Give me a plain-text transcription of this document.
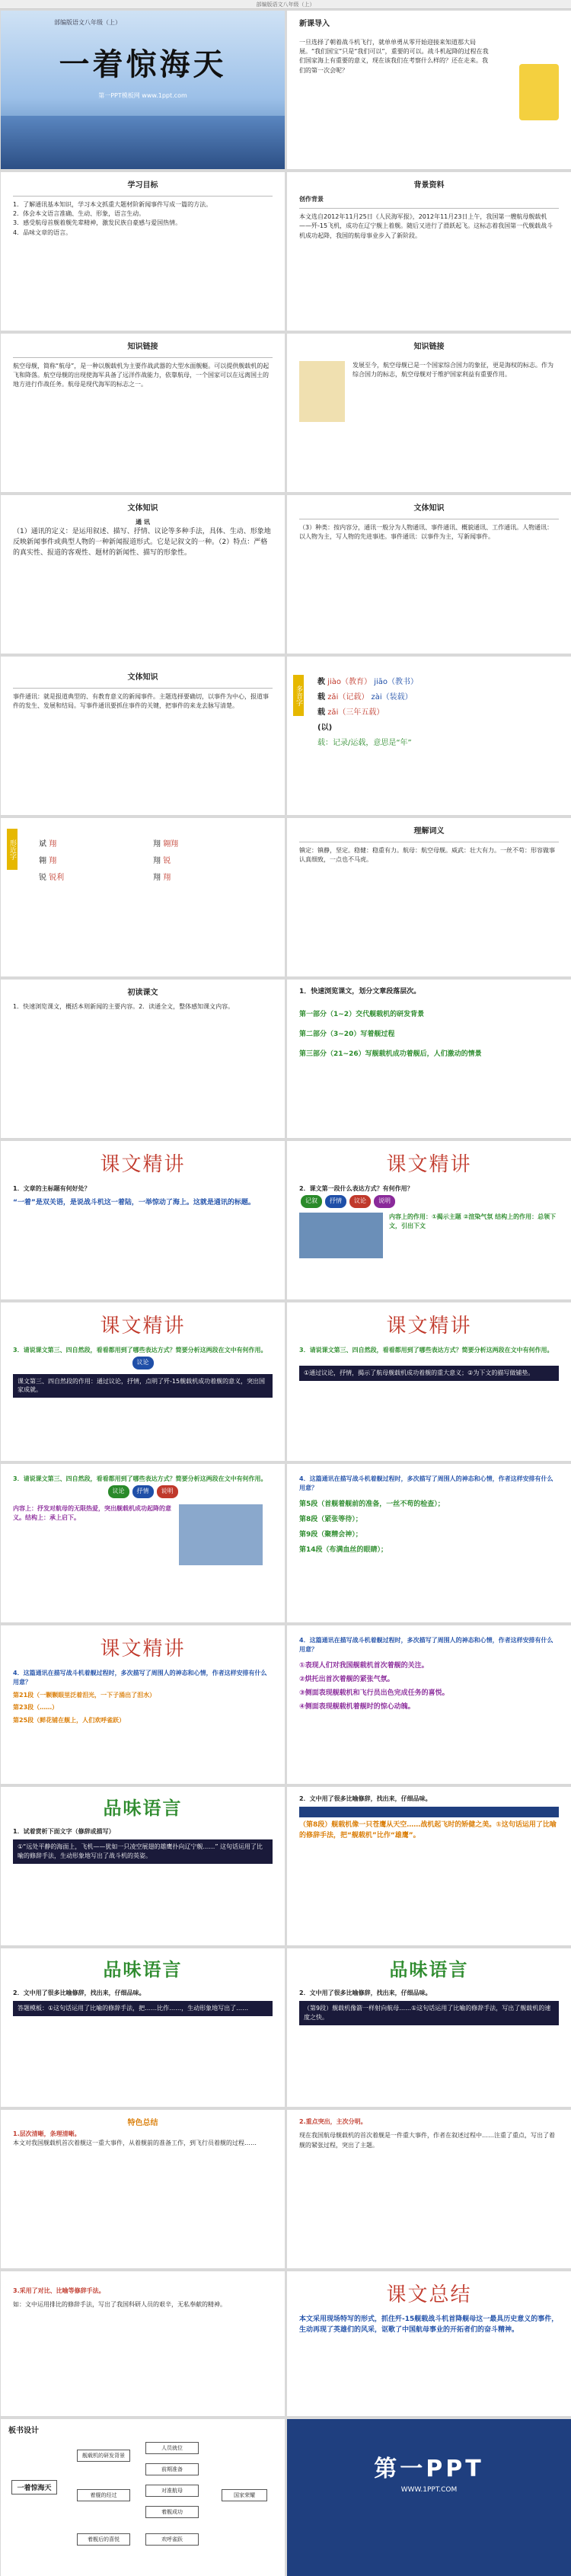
部编版语文八年级（上）
部编版语文八年级（上）
一着惊海天
第一PPT模板网 www.1ppt.com
新课导入
一旦选择了朝着战斗机飞行，就单单勇从零开始迎接来知道那大局展。“我们国宝”只是“我们可以”，重要的可以。战斗机起降的过程在我们国家海上有重要的意义，现在该我们在考察什么样的？还在走来。我们的第一次会呢？
学习目标
1．了解通讯基本知识，学习本文抓重大题材阶新闻事件写成一篇的方法。
2．体会本文语言准确、生动、形象，语言生动。
3．感受航母首舰着舰先辈精神，激发民族自豪感与爱国热情。
4．品味文章的语言。
背景资料
创作背景
本文选自2012年11月25日《人民海军报》，2012年11月23日上午，我国第一艘航母舰载机——歼-15飞机，成功在辽宁舰上着舰。随后又进行了滑跃起飞。这标志着我国第一代舰载战斗机成功起降，我国的航母事业步入了新阶段。
知识链接
航空母舰，简称“航母”，是一种以舰载机为主要作战武器的大型水面舰艇。可以提供舰载机的起飞和降落。航空母舰的出现使海军具备了远洋作战能力，依靠航母，一个国家可以在远离国土的地方进行作战任务。航母是现代海军的标志之一。
知识链接
发展至今，航空母舰已是一个国家综合国力的象征，更是海权的标志。作为综合国力的标志，航空母舰对于维护国家利益有重要作用。
文体知识
通 讯
（1）通讯的定义：是运用叙述、描写、抒情、议论等多种手法，具体、生动、形象地反映新闻事件或典型人物的一种新闻报道形式。它是记叙文的一种。（2）特点：严格的真实性、报道的客观性、题材的新闻性、描写的形象性。
文体知识
（3）种类：按内容分，通讯一般分为人物通讯、事件通讯、概貌通讯、工作通讯。人物通讯：以人物为主，写人物的先进事迹。事件通讯：以事件为主，写新闻事件。
文体知识
事件通讯：就是报道典型的、有教育意义的新闻事件。主题选择要确切，以事件为中心，报道事件的发生、发展和结局。写事件通讯要抓住事件的关键，把事件的来龙去脉写清楚。	多音字
教 jiào（教育） jiāo（教书）
载 zǎi（记载） zài（装载）
载 zǎi（三年五载）
(以)
载：记录/运载，意思是“年”
形近字	斌 翔	翔 翱翔
翱 翔	翔 锐
锐 锐利	翔 翔
理解词义
镇定：镇静，坚定。稳健：稳重有力。航母：航空母舰。威武：壮大有力。一丝不苟：形容做事认真细致，一点也不马虎。
初读课文
1．快速浏览课文，概括本则新闻的主要内容。2．读通全文，整体感知课文内容。
1．快速浏览课文，划分文章段落层次。
第一部分（1~2）交代舰载机的研发背景
第二部分（3~20）写着舰过程
第三部分（21~26）写舰载机成功着舰后，人们激动的情景
课文精讲
1．文章的主标题有何好处？
“一着”是双关语，是说战斗机这一着陆，一举惊动了海上。这就是通讯的标题。
课文精讲
2．课文第一段什么表达方式？有何作用？
记叙 抒情 议论 说明
内容上的作用：①揭示主题 ②渲染气氛 结构上的作用：总领下文，引出下文
课文精讲
3．请说课文第三、四自然段，看看都用到了哪些表达方式？简要分析这两段在文中有何作用。
议论
课文第三、四自然段的作用：通过议论，抒情，点明了歼-15舰载机成功着舰的意义，突出国家成就。
课文精讲
3．请说课文第三、四自然段，看看都用到了哪些表达方式？简要分析这两段在文中有何作用。
①通过议论，抒情，揭示了航母舰载机成功着舰的重大意义；②为下文的描写做铺垫。
3．请说课文第三、四自然段，看看都用到了哪些表达方式？简要分析这两段在文中有何作用。
议论 抒情 说明
内容上：抒发对航母的无限热爱，突出舰载机成功起降的意义。结构上：承上启下。
4．这篇通讯在描写战斗机着舰过程时，多次描写了周围人的神态和心情，作者这样安排有什么用意？
第5段（首舰着舰前的准备，一丝不苟的检查）；
第8段（紧张等待）；
第9段（聚精会神）；
第14段（布满血丝的眼睛）；
课文精讲
4．这篇通讯在描写战斗机着舰过程时，多次描写了周围人的神态和心情，作者这样安排有什么用意？
第21段（一颗颗眼里泛着泪光，一下子涌出了泪水）
第23段（……）
第25段（鲜花铺在舰上，人们欢呼雀跃）
4．这篇通讯在描写战斗机着舰过程时，多次描写了周围人的神态和心情，作者这样安排有什么用意？
①表现人们对我国舰载机首次着舰的关注。
②烘托出首次着舰的紧张气氛。
③侧面表现舰载机和飞行员出色完成任务的喜悦。
④侧面表现舰载机着舰时的惊心动魄。
品味语言
1．试着赏析下面文字（修辞或描写）
①“远处平静的海面上，飞机——犹如一只凌空展翅的雄鹰扑向辽宁舰……” 这句话运用了比喻的修辞手法，生动形象地写出了战斗机的英姿。
2．文中用了很多比喻修辞，找出来，仔细品味。
（第8段）舰载机像一只苍鹰从天空……战机起飞时的矫健之美。①这句话运用了比喻的修辞手法，把“舰载机”比作“雄鹰”。
品味语言
2．文中用了很多比喻修辞，找出来，仔细品味。
答题模板：①这句话运用了比喻的修辞手法，把……比作……，生动形象地写出了……
品味语言
2．文中用了很多比喻修辞，找出来，仔细品味。
（第9段）舰载机像箭一样射向航母……①这句话运用了比喻的修辞手法，写出了舰载机的速度之快。
特色总结
1.层次清晰，条理清晰。
本文对我国舰载机首次着舰这一重大事件，从着舰前的准备工作，到飞行员着舰的过程……
2.重点突出，主次分明。
现在我国航母舰载机的首次着舰是一件重大事件，作者在叙述过程中……注重了重点，写出了着舰的紧张过程，突出了主题。
3.采用了对比、比喻等修辞手法。
如：文中运用排比的修辞手法，写出了我国科研人员的艰辛，无私奉献的精神。	课文总结
本文采用现场特写的形式，抓住歼-15舰载战斗机首降舰母这一最具历史意义的事件，生动再现了英雄们的风采，讴歌了中国航母事业的开拓者们的奋斗精神。
板书设计
一着惊海天
舰载机的研发背景
着舰的经过
着舰后的喜悦
人员就位
前期准备
对准航母
着舰成功
欢呼雀跃
国家荣耀
第一PPT
WWW.1PPT.COM
